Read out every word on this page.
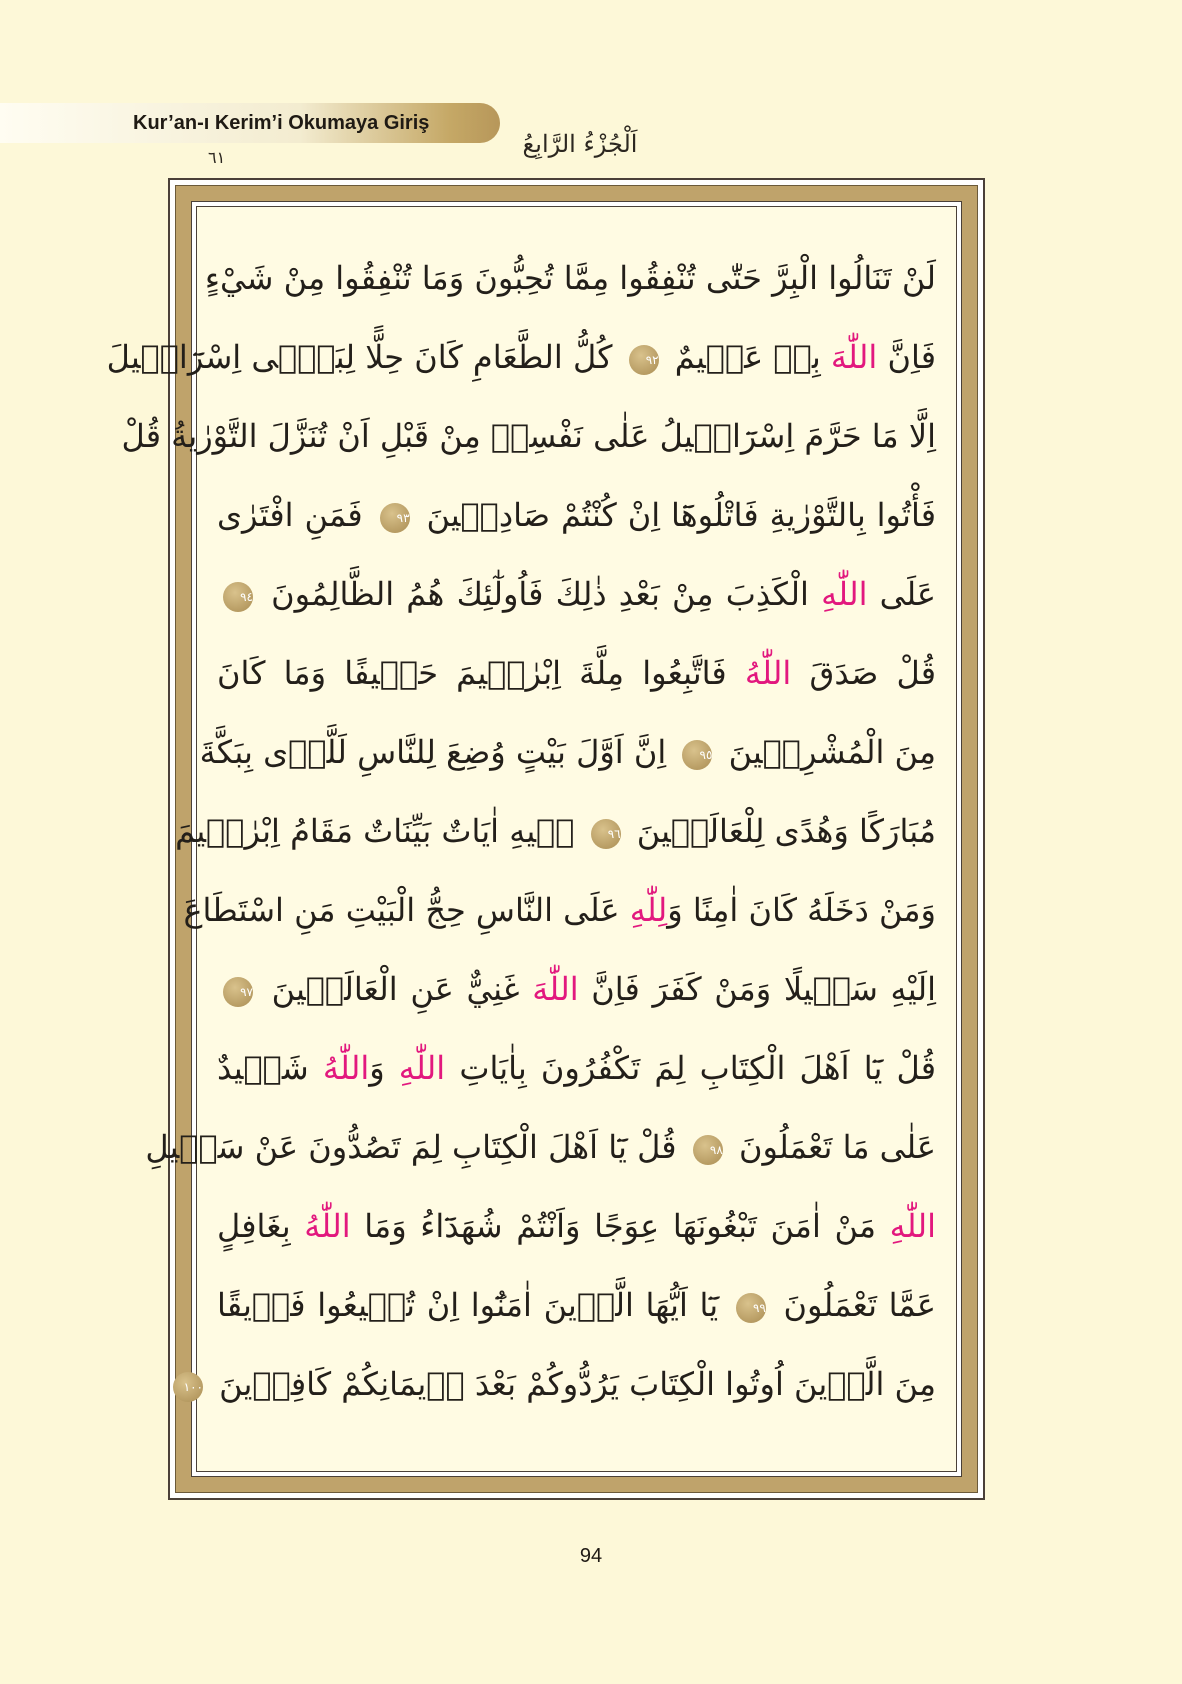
Kur’an-ı Kerim’i Okumaya Giriş
اَلْجُزْءُ الرَّابِعُ
٦١
لَنْ تَنَالُوا الْبِرَّ حَتّٰى تُنْفِقُوا مِمَّا تُحِبُّونَ وَمَا تُنْفِقُوا مِنْ شَيْءٍ
فَاِنَّ اللّٰهَ بِهٖ عَلٖيمٌ ٩٢ كُلُّ الطَّعَامِ كَانَ حِلًّا لِبَنٖٓى اِسْرَٓائٖيلَ
اِلَّا مَا حَرَّمَ اِسْرَٓائٖيلُ عَلٰى نَفْسِهٖ مِنْ قَبْلِ اَنْ تُنَزَّلَ التَّوْرٰيةُ قُلْ
فَأْتُوا بِالتَّوْرٰيةِ فَاتْلُوهَٓا اِنْ كُنْتُمْ صَادِقٖينَ ٩٣ فَمَنِ افْتَرٰى
عَلَى اللّٰهِ الْكَذِبَ مِنْ بَعْدِ ذٰلِكَ فَاُولٰٓئِكَ هُمُ الظَّالِمُونَ ٩٤
قُلْ صَدَقَ اللّٰهُ فَاتَّبِعُوا مِلَّةَ اِبْرٰهٖيمَ حَنٖيفًا وَمَا كَانَ
مِنَ الْمُشْرِكٖينَ ٩٥ اِنَّ اَوَّلَ بَيْتٍ وُضِعَ لِلنَّاسِ لَلَّذٖى بِبَكَّةَ
مُبَارَكًا وَهُدًى لِلْعَالَمٖينَ ٩٦ فٖيهِ اٰيَاتٌ بَيِّنَاتٌ مَقَامُ اِبْرٰهٖيمَ
وَمَنْ دَخَلَهُ كَانَ اٰمِنًا وَلِلّٰهِ عَلَى النَّاسِ حِجُّ الْبَيْتِ مَنِ اسْتَطَاعَ
اِلَيْهِ سَبٖيلًا وَمَنْ كَفَرَ فَاِنَّ اللّٰهَ غَنِيٌّ عَنِ الْعَالَمٖينَ ٩٧
قُلْ يَٓا اَهْلَ الْكِتَابِ لِمَ تَكْفُرُونَ بِاٰيَاتِ اللّٰهِ وَاللّٰهُ شَهٖيدٌ
عَلٰى مَا تَعْمَلُونَ ٩٨ قُلْ يَٓا اَهْلَ الْكِتَابِ لِمَ تَصُدُّونَ عَنْ سَبٖيلِ
اللّٰهِ مَنْ اٰمَنَ تَبْغُونَهَا عِوَجًا وَاَنْتُمْ شُهَدَٓاءُ وَمَا اللّٰهُ بِغَافِلٍ
عَمَّا تَعْمَلُونَ ٩٩ يَٓا اَيُّهَا الَّذٖينَ اٰمَنُٓوا اِنْ تُطٖيعُوا فَرٖيقًا
مِنَ الَّذٖينَ اُوتُوا الْكِتَابَ يَرُدُّوكُمْ بَعْدَ اٖيمَانِكُمْ كَافِرٖينَ ١٠٠
94
